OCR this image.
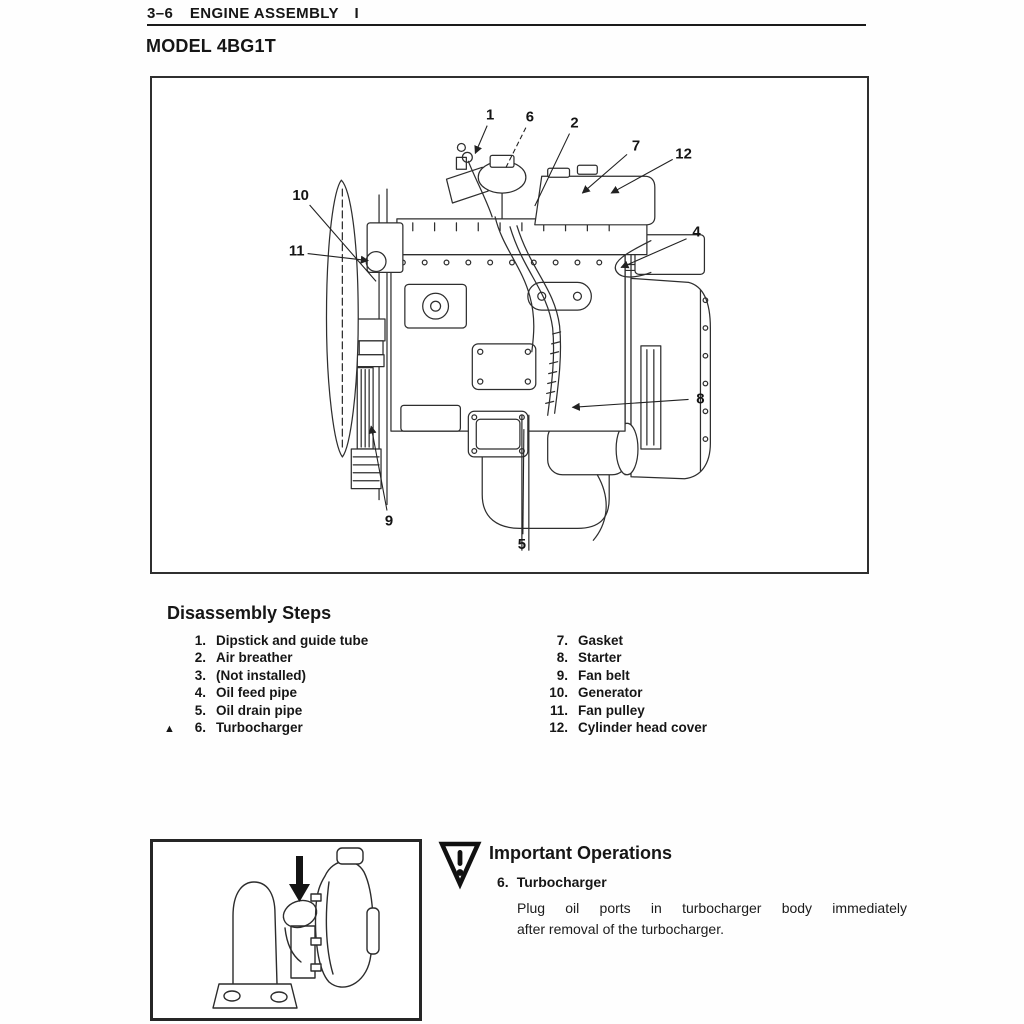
3–6 ENGINE ASSEMBLY I
MODEL 4BG1T
1 6 2
7 12
4
8
10
11
9
5
Disassembly Steps
1. Dipstick and guide tube
2. Air breather
3. (Not installed)
4. Oil feed pipe
5. Oil drain pipe
▲	6. Turbocharger
7. Gasket
8. Starter
9. Fan belt
10. Generator
11. Fan pulley
12. Cylinder head cover
Important Operations
6. Turbocharger
Plug oil ports in turbocharger body immediately
after removal of the turbocharger.
